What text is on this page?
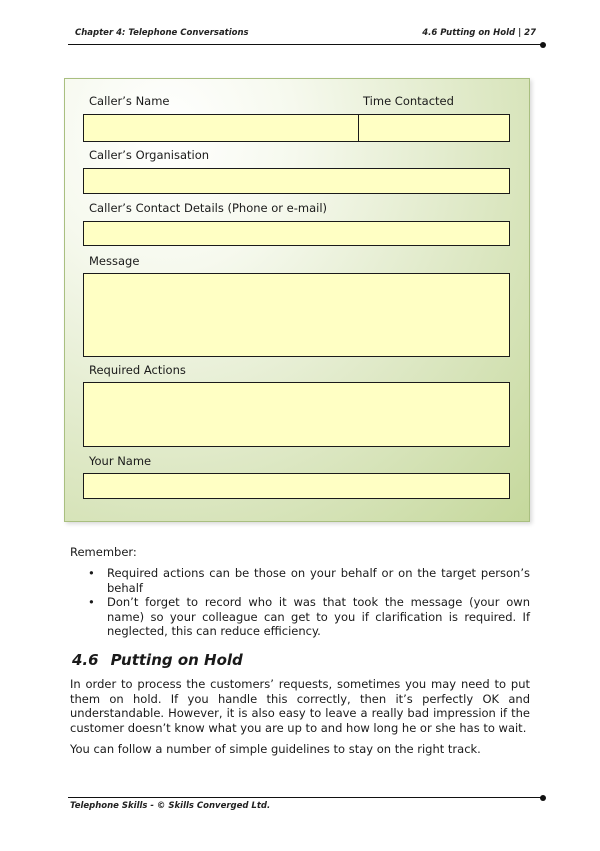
Chapter 4: Telephone Conversations	4.6 Putting on Hold | 27
Caller’s Name	Time Contacted
Caller’s Organisation
Caller’s Contact Details (Phone or e-mail)
Message
Required Actions
Your Name
Remember:
• Required actions can be those on your behalf or on the target person’s behalf
• Don’t forget to record who it was that took the message (your own name) so your colleague can get to you if clarification is required. If neglected, this can reduce efficiency.
4.6 Putting on Hold
In order to process the customers’ requests, sometimes you may need to put them on hold. If you handle this correctly, then it’s perfectly OK and understandable. However, it is also easy to leave a really bad impression if the customer doesn’t know what you are up to and how long he or she has to wait.
You can follow a number of simple guidelines to stay on the right track.
Telephone Skills - © Skills Converged Ltd.
